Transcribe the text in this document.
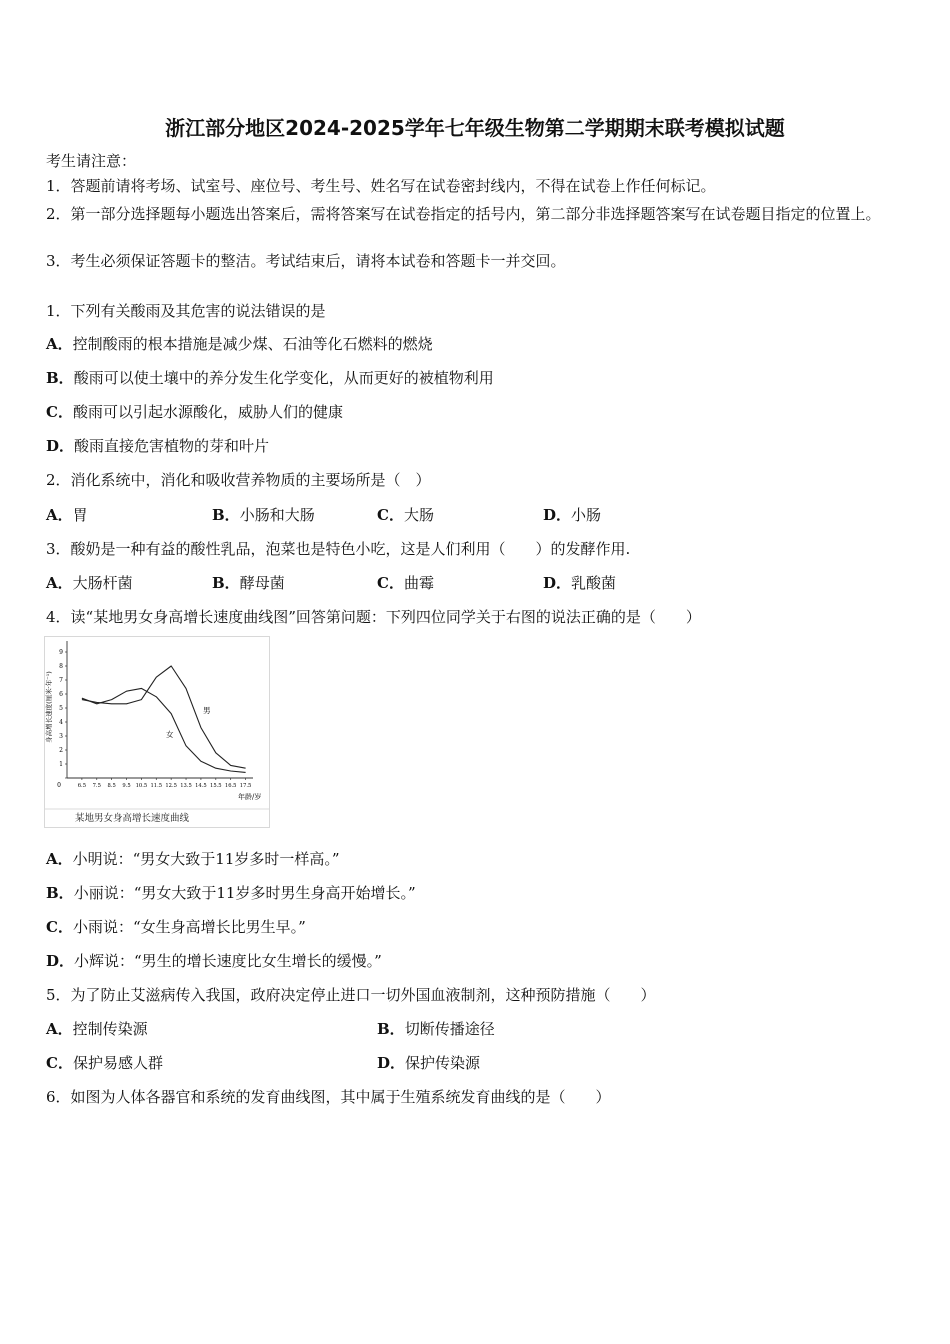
浙江部分地区2024-2025学年七年级生物第二学期期末联考模拟试题
考生请注意：
1．答题前请将考场、试室号、座位号、考生号、姓名写在试卷密封线内，不得在试卷上作任何标记。
2．第一部分选择题每小题选出答案后，需将答案写在试卷指定的括号内，第二部分非选择题答案写在试卷题目指定的位置上。
3．考生必须保证答题卡的整洁。考试结束后，请将本试卷和答题卡一并交回。
1．下列有关酸雨及其危害的说法错误的是
A．控制酸雨的根本措施是减少煤、石油等化石燃料的燃烧
B．酸雨可以使土壤中的养分发生化学变化，从而更好的被植物利用
C．酸雨可以引起水源酸化，威胁人们的健康
D．酸雨直接危害植物的芽和叶片
2．消化系统中，消化和吸收营养物质的主要场所是（　）
A．胃	B．小肠和大肠	C．大肠	D．小肠
3．酸奶是一种有益的酸性乳品，泡菜也是特色小吃，这是人们利用（　　）的发酵作用.
A．大肠杆菌	B．酵母菌	C．曲霉	D．乳酸菌
4．读“某地男女身高增长速度曲线图”回答第问题：下列四位同学关于右图的说法正确的是（　　）
1
2
3
4
5
6
7
8
9
0	6.5 7.5 8.5 9.5 10.5 11.5 12.5 13.5 14.5 15.5 16.5 17.5
身高增长速度(厘米·年⁻¹)
年龄/岁
男
女
某地男女身高增长速度曲线
A．小明说：“男女大致于11岁多时一样高。”
B．小丽说：“男女大致于11岁多时男生身高开始增长。”
C．小雨说：“女生身高增长比男生早。”
D．小辉说：“男生的增长速度比女生增长的缓慢。”
5．为了防止艾滋病传入我国，政府决定停止进口一切外国血液制剂，这种预防措施（　　）
A．控制传染源	B．切断传播途径
C．保护易感人群	D．保护传染源
6．如图为人体各器官和系统的发育曲线图，其中属于生殖系统发育曲线的是（　　）
